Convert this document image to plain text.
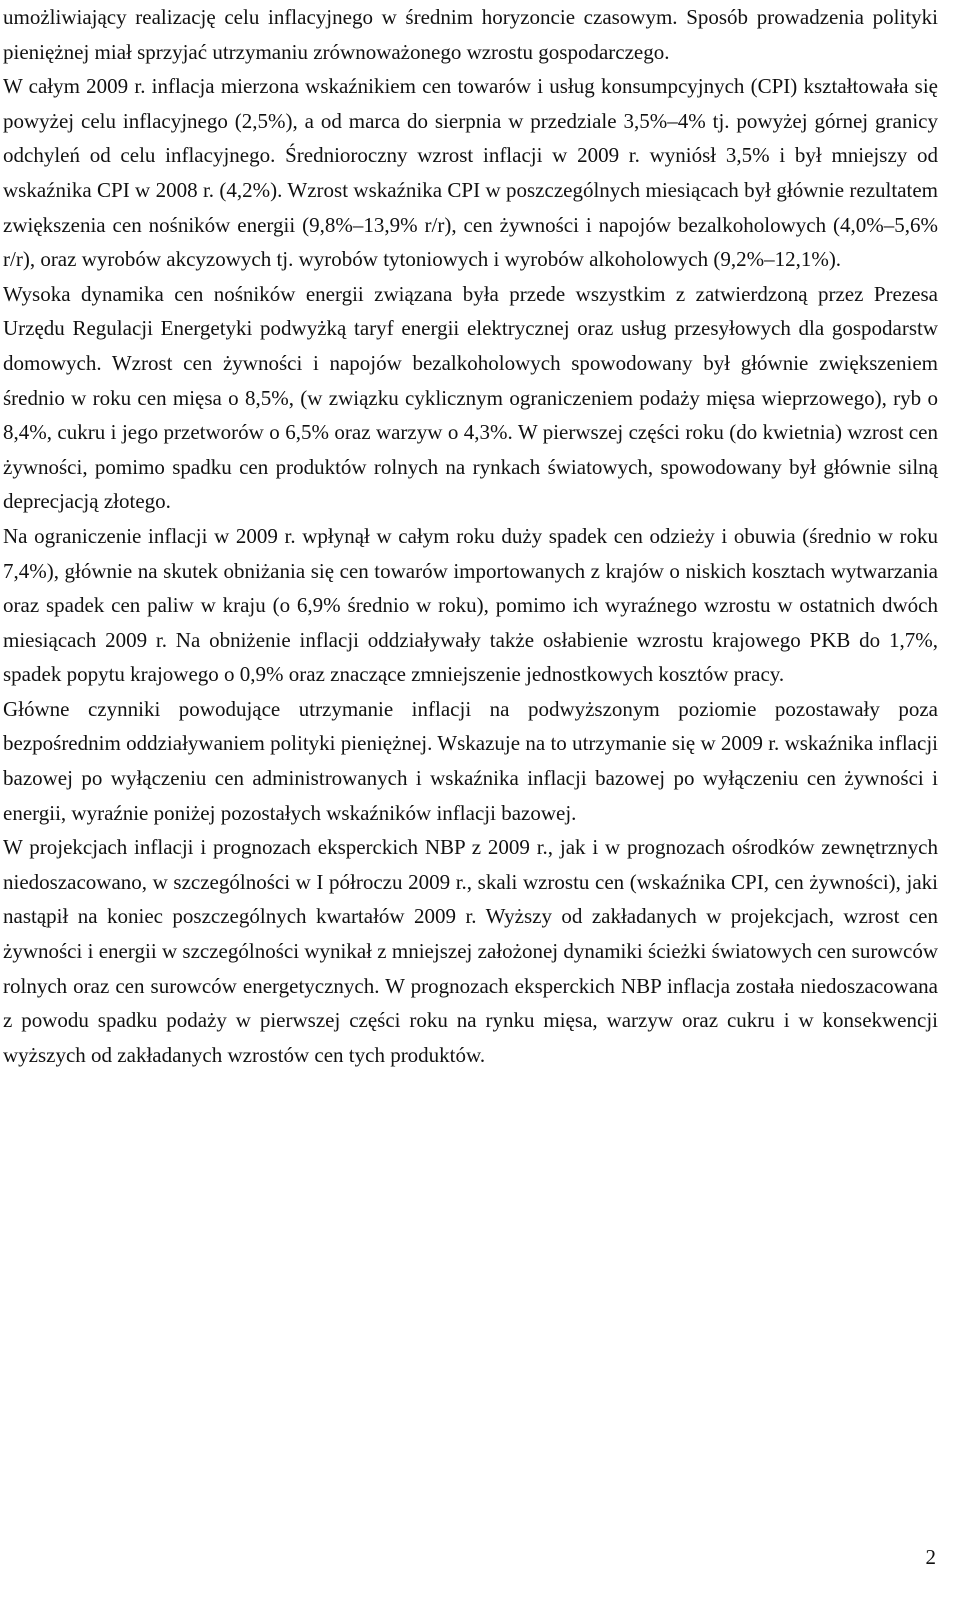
umożliwiający realizację celu inflacyjnego w średnim horyzoncie czasowym. Sposób prowadzenia polityki pieniężnej miał sprzyjać utrzymaniu zrównoważonego wzrostu gospodarczego.

W całym 2009 r. inflacja mierzona wskaźnikiem cen towarów i usług konsumpcyjnych (CPI) kształtowała się powyżej celu inflacyjnego (2,5%), a od marca do sierpnia w przedziale 3,5%–4% tj. powyżej górnej granicy odchyleń od celu inflacyjnego. Średnioroczny wzrost inflacji w 2009 r. wyniósł 3,5% i był mniejszy od wskaźnika CPI w 2008 r. (4,2%). Wzrost wskaźnika CPI w poszczególnych miesiącach był głównie rezultatem zwiększenia cen nośników energii (9,8%–13,9% r/r), cen żywności i napojów bezalkoholowych (4,0%–5,6% r/r), oraz wyrobów akcyzowych tj. wyrobów tytoniowych i wyrobów alkoholowych (9,2%–12,1%).

Wysoka dynamika cen nośników energii związana była przede wszystkim z zatwierdzoną przez Prezesa Urzędu Regulacji Energetyki podwyżką taryf energii elektrycznej oraz usług przesyłowych dla gospodarstw domowych. Wzrost cen żywności i napojów bezalkoholowych spowodowany był głównie zwiększeniem średnio w roku cen mięsa o 8,5%, (w związku cyklicznym ograniczeniem podaży mięsa wieprzowego), ryb o 8,4%, cukru i jego przetworów o 6,5% oraz warzyw o 4,3%. W pierwszej części roku (do kwietnia) wzrost cen żywności, pomimo spadku cen produktów rolnych na rynkach światowych, spowodowany był głównie silną deprecjacją złotego.

Na ograniczenie inflacji w 2009 r. wpłynął w całym roku duży spadek cen odzieży i obuwia (średnio w roku 7,4%), głównie na skutek obniżania się cen towarów importowanych z krajów o niskich kosztach wytwarzania oraz spadek cen paliw w kraju (o 6,9% średnio w roku), pomimo ich wyraźnego wzrostu w ostatnich dwóch miesiącach 2009 r. Na obniżenie inflacji oddziaływały także osłabienie wzrostu krajowego PKB do 1,7%, spadek popytu krajowego o 0,9% oraz znaczące zmniejszenie jednostkowych kosztów pracy.

Główne czynniki powodujące utrzymanie inflacji na podwyższonym poziomie pozostawały poza bezpośrednim oddziaływaniem polityki pieniężnej. Wskazuje na to utrzymanie się w 2009 r. wskaźnika inflacji bazowej po wyłączeniu cen administrowanych i wskaźnika inflacji bazowej po wyłączeniu cen żywności i energii, wyraźnie poniżej pozostałych wskaźników inflacji bazowej.

W projekcjach inflacji i prognozach eksperckich NBP z 2009 r., jak i w prognozach ośrodków zewnętrznych niedoszacowano, w szczególności w I półroczu 2009 r., skali wzrostu cen (wskaźnika CPI, cen żywności), jaki nastąpił na koniec poszczególnych kwartałów 2009 r. Wyższy od zakładanych w projekcjach, wzrost cen żywności i energii w szczególności wynikał z mniejszej założonej dynamiki ścieżki światowych cen surowców rolnych oraz cen surowców energetycznych. W prognozach eksperckich NBP inflacja została niedoszacowana z powodu spadku podaży w pierwszej części roku na rynku mięsa, warzyw oraz cukru i w konsekwencji wyższych od zakładanych wzrostów cen tych produktów.

2
